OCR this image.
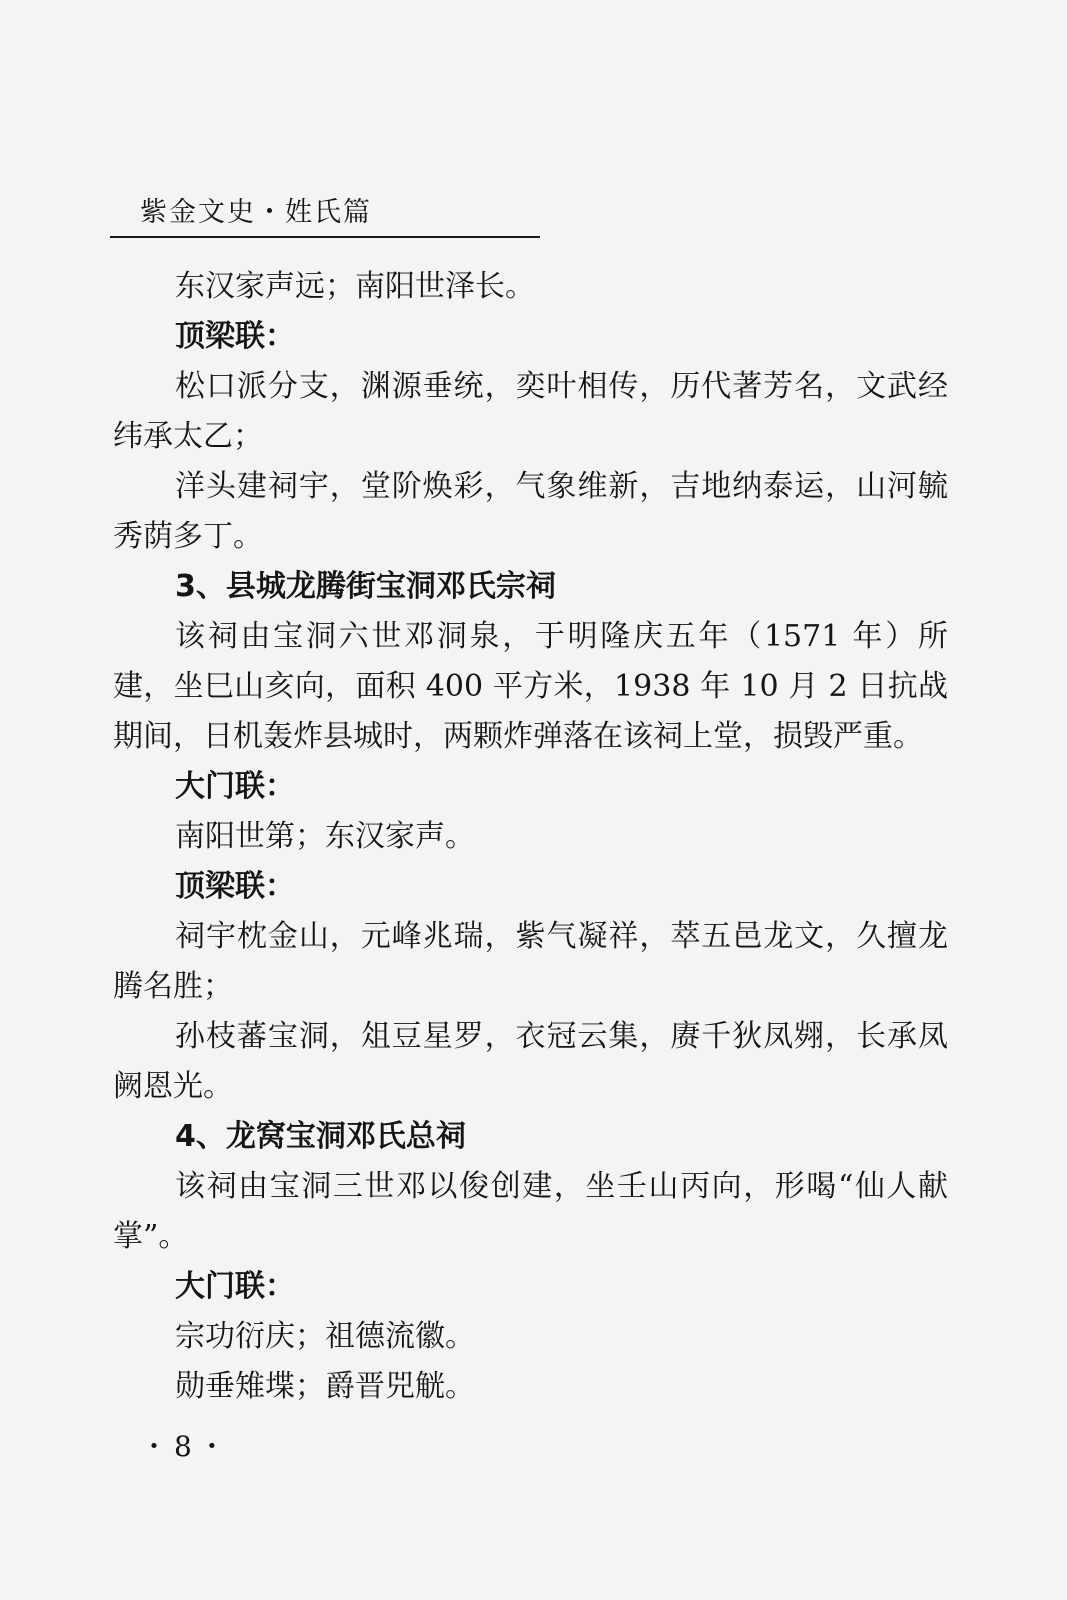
紫金文史・姓氏篇

东汉家声远；南阳世泽长。

顶梁联：

松口派分支，渊源垂统，奕叶相传，历代著芳名，文武经纬承太乙；

洋头建祠宇，堂阶焕彩，气象维新，吉地纳泰运，山河毓秀荫多丁。

3、县城龙腾街宝洞邓氏宗祠

该祠由宝洞六世邓洞泉，于明隆庆五年（1571 年）所建，坐巳山亥向，面积 400 平方米，1938 年 10 月 2 日抗战期间，日机轰炸县城时，两颗炸弹落在该祠上堂，损毁严重。

大门联：

南阳世第；东汉家声。

顶梁联：

祠宇枕金山，元峰兆瑞，紫气凝祥，萃五邑龙文，久擅龙腾名胜；

孙枝蕃宝洞，俎豆星罗，衣冠云集，赓千狄凤翙，长承凤阙恩光。

4、龙窝宝洞邓氏总祠

该祠由宝洞三世邓以俊创建，坐壬山丙向，形喝“仙人献掌”。

大门联：

宗功衍庆；祖德流徽。

勋垂雉堞；爵晋兕觥。

・8・
